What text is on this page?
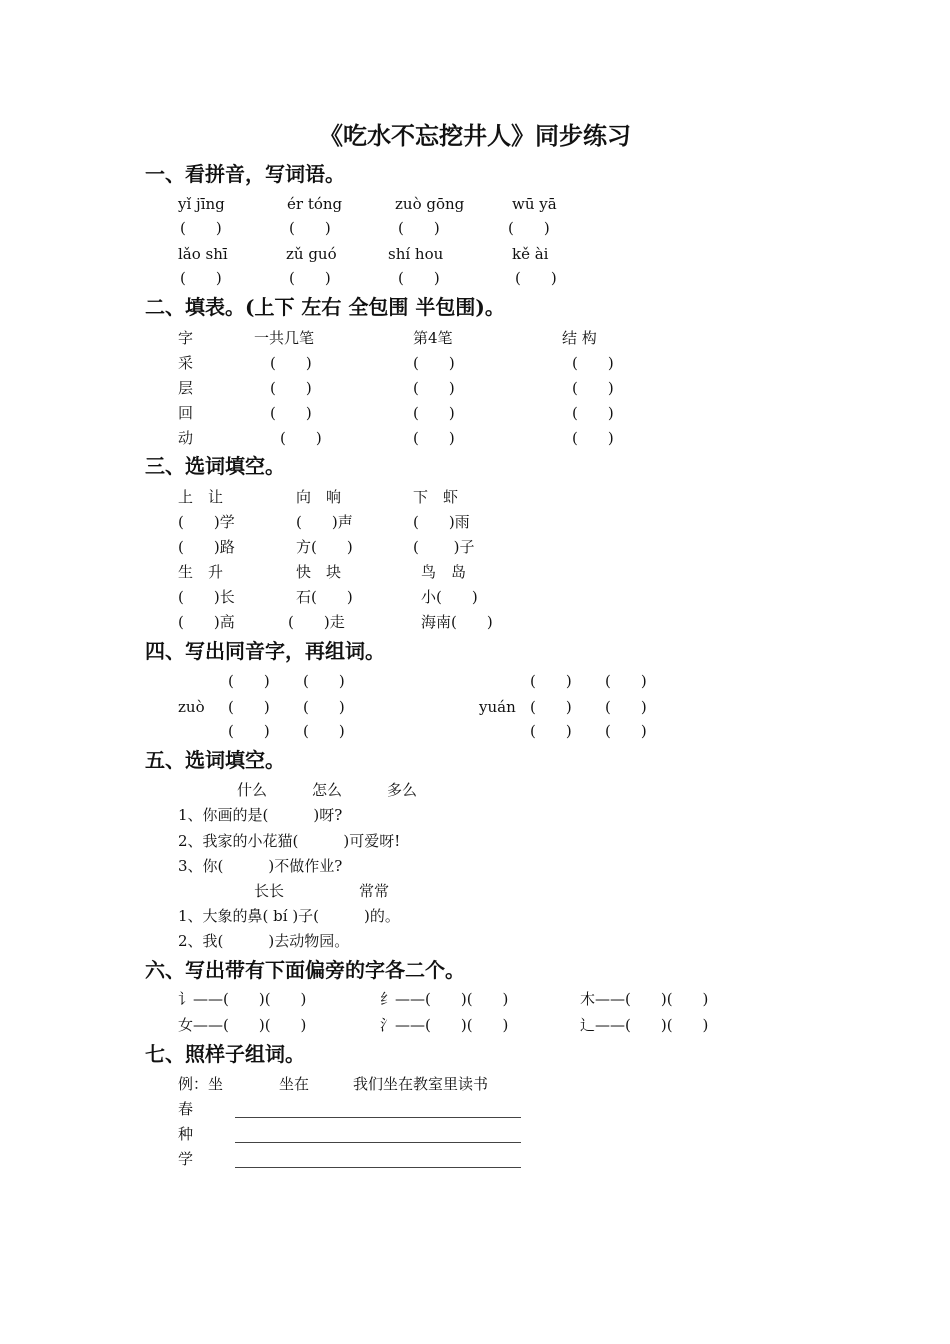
《吃水不忘挖井人》同步练习
一、看拼音，写词语。
yǐ jīng	ér tóng	zuò gōng	wū yā
(　　)	(　　)	(　　)	(　　)
lǎo shī	zǔ guó	shí hou	kě ài
(　　)	(　　)	(　　)	(　　)
二、填表。(上下 左右 全包围 半包围)。
字	一共几笔	第4笔	结 构
采	(　　)	(　　)	(　　)
层	(　　)	(　　)	(　　)
回	(　　)	(　　)	(　　)
动	(　　)	(　　)	(　　)
三、选词填空。
上　让	向　响	下　虾
(　　)学	(　　)声	(　　)雨
(　　)路	方(　　)	(　　 )子
生　升	快　块	鸟　岛
(　　)长	石(　　)	小(　　)
(　　)高	(　　)走	海南(　　)
四、写出同音字，再组词。
(　　) (　　)	(　　) (　　)
zuò (　　) (　　)	yuán (　　) (　　)
(　　) (　　)	(　　) (　　)
五、选词填空。
什么　　　怎么　　　多么
1、你画的是(　　　)呀?
2、我家的小花猫(　　　)可爱呀!
3、你(　　　)不做作业?
长长　　　　　常常
1、大象的鼻( bí )子(　　　)的。
2、我(　　　)去动物园。
六、写出带有下面偏旁的字各二个。
讠——(　　)(　　)	纟——(　　)(　　)	木——(　　)(　　)
女——(　　)(　　)	氵——(　　)(　　)	辶——(　　)(　　)
七、照样子组词。
例：坐	坐在	我们坐在教室里读书
春
种
学
